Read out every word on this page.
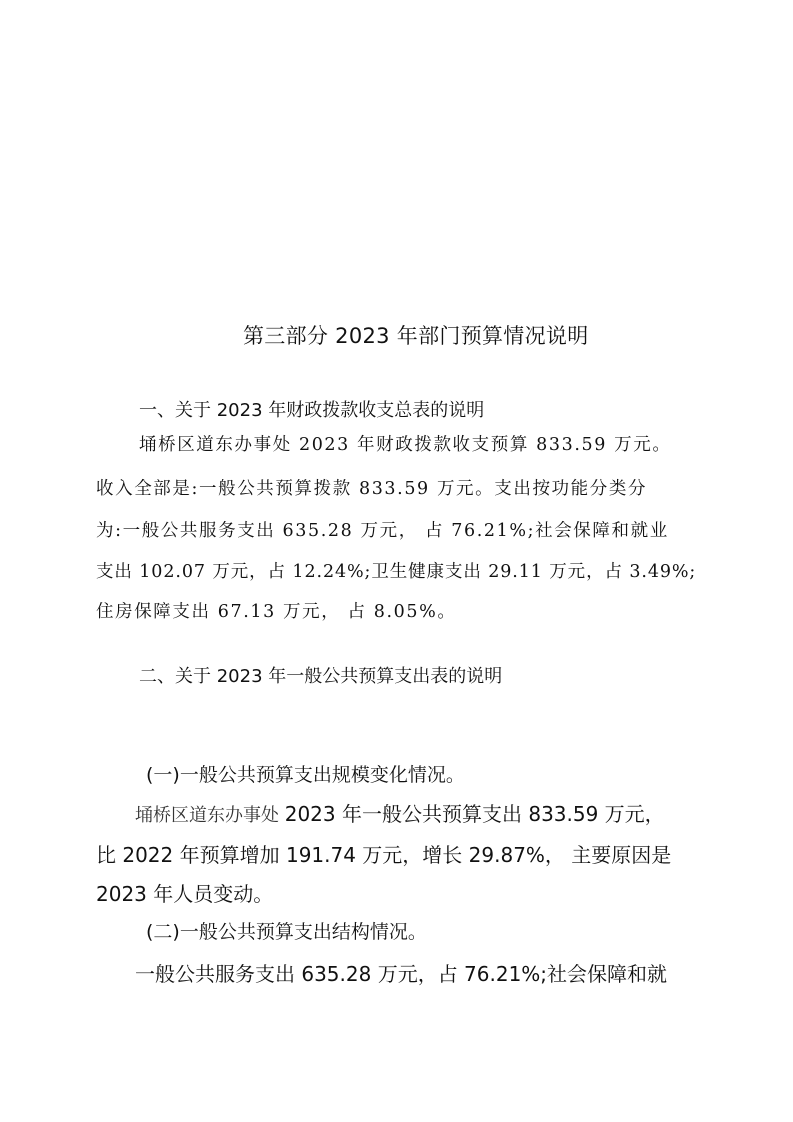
第三部分 2023 年部门预算情况说明
一、关于 2023 年财政拨款收支总表的说明
埇桥区道东办事处 2023 年财政拨款收支预算 833.59 万元。
收入全部是:一般公共预算拨款 833.59 万元。支出按功能分类分
为:一般公共服务支出 635.28 万元， 占 76.21%;社会保障和就业
支出 102.07 万元，占 12.24%;卫生健康支出 29.11 万元，占 3.49%;
住房保障支出 67.13 万元， 占 8.05%。
二、关于 2023 年一般公共预算支出表的说明
(一)一般公共预算支出规模变化情况。
埇桥区道东办事处 2023 年一般公共预算支出 833.59 万元，
比 2022 年预算增加 191.74 万元，增长 29.87%， 主要原因是
2023 年人员变动。
(二)一般公共预算支出结构情况。
一般公共服务支出 635.28 万元，占 76.21%;社会保障和就
